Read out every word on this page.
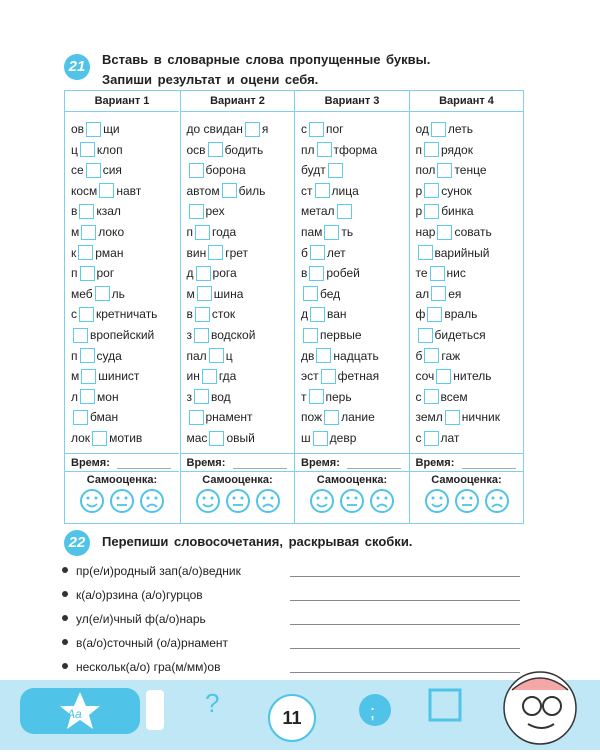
21	Вставь в словарные слова пропущенные буквы.
Запиши результат и оцени себя.
Вариант 1
ов щи
ц клоп
се сия
косм навт
в кзал
м локо
к рман
п рог
меб ль
с кретничать
вропейский
п суда
м шинист
л мон
бман
лок мотив
Время:
Самооценка:
Вариант 2
до свидан я
осв бодить
борона
автом биль
рех
п года
вин грет
д рога
м шина
в сток
з водской
пал ц
ин гда
з вод
рнамент
мас овый
Время:
Самооценка:
Вариант 3
с пог
пл тформа
будт
ст лица
метал
пам ть
б лет
в робей
бед
д ван
первые
дв надцать
эст фетная
т перь
пож лание
ш девр
Время:
Самооценка:
Вариант 4
од леть
п рядок
пол тенце
р сунок
р бинка
нар совать
варийный
те нис
ал ея
ф враль
бидеться
б гаж
соч нитель
с всем
земл ничник
с лат
Время:
Самооценка:
22	Перепиши словосочетания, раскрывая скобки.
пр(е/и)родный зап(а/о)ведник
к(а/о)рзина (а/о)гурцов
ул(е/и)чный ф(а/о)нарь
в(а/о)сточный (о/а)рнамент
нескольк(а/о) гра(м/мм)ов
Aa	?	;
11
